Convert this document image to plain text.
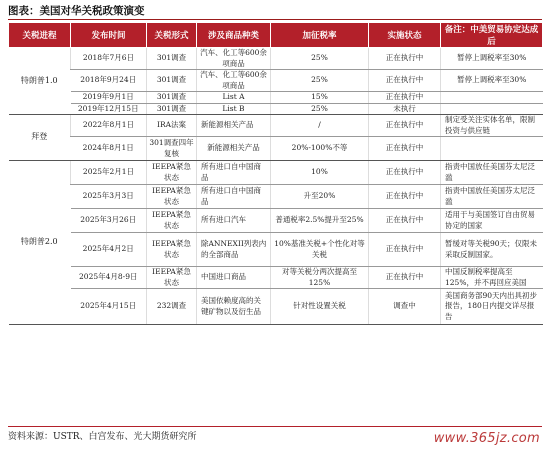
图表：美国对华关税政策演变
关税进程	发布时间	关税形式	涉及商品种类	加征税率	实施状态	备注：中美贸易协定达成后
特朗普1.0	2018年7月6日	301调查	汽车、化工等600余项商品	25%	正在执行中	暂停上调税率至30%
	2018年9月24日	301调查	汽车、化工等600余项商品	25%	正在执行中	暂停上调税率至30%
	2019年9月1日	301调查	List A	15%	正在执行中	
	2019年12月15日	301调查	List B	25%	未执行	
拜登	2022年8月1日	IRA法案	新能源相关产品	/	正在执行中	制定受关注实体名单，限制投资与供应链
	2024年8月1日	301调查四年复核	新能源相关产品	20%-100%不等	正在执行中	
特朗普2.0	2025年2月1日	IEEPA紧急状态	所有进口自中国商品	10%	正在执行中	指责中国放任美国芬太尼泛滥
	2025年3月3日	IEEPA紧急状态	所有进口自中国商品	升至20%	正在执行中	指责中国放任美国芬太尼泛滥
	2025年3月26日	IEEPA紧急状态	所有进口汽车	普通税率2.5%提升至25%	正在执行中	适用于与美国签订自由贸易协定的国家
	2025年4月2日	IEEPA紧急状态	除ANNEXII列表内的全部商品	10%基准关税+个性化对等关税	正在执行中	暂缓对等关税90天；仅限未采取反制国家。
	2025年4月8-9日	IEEPA紧急状态	中国进口商品	对等关税分两次提高至125%	正在执行中	中国反制税率提高至125%，并不再回应美国
	2025年4月15日	232调查	美国依赖度高的关键矿物以及衍生品	针对性设置关税	调查中	美国商务部90天内出具初步报告，180日内提交详尽报告
资料来源：USTR、白宫发布、光大期货研究所	www.365jz.com
